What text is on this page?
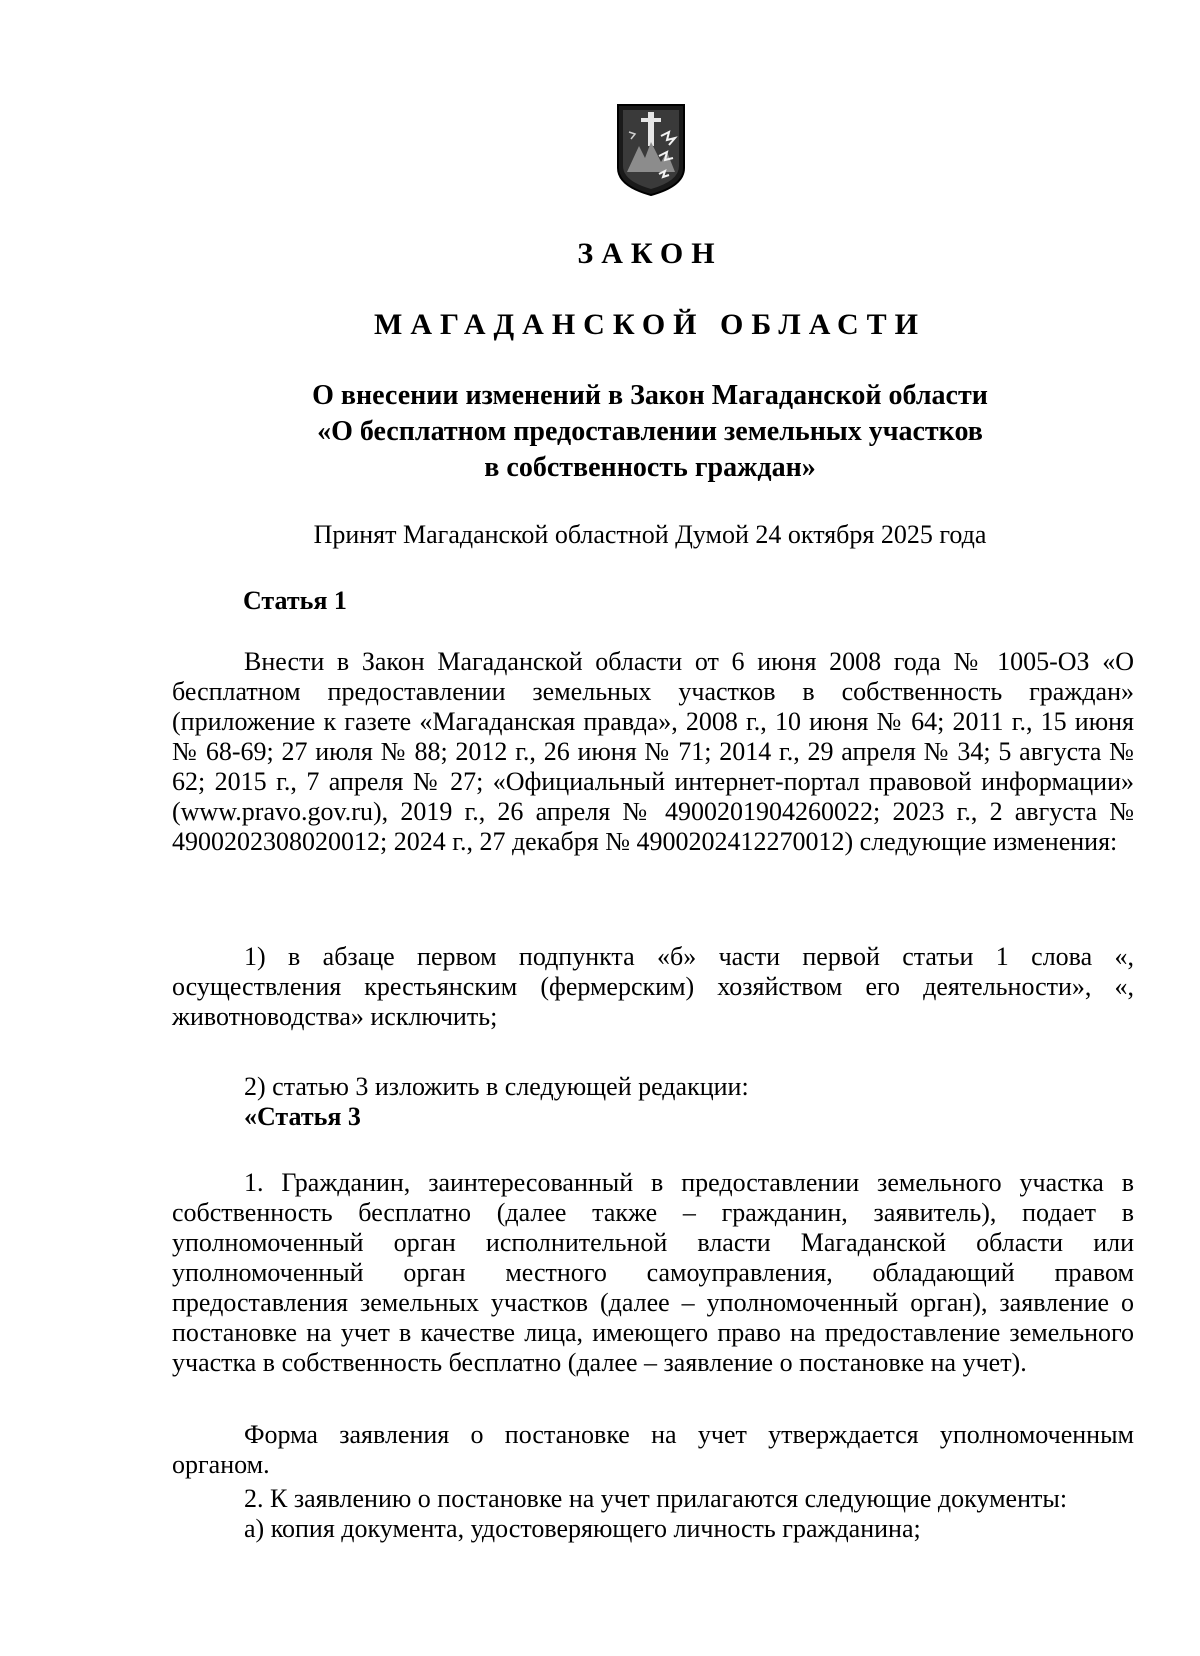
ЗАКОН
МАГАДАНСКОЙ ОБЛАСТИ
О внесении изменений в Закон Магаданской области
«О бесплатном предоставлении земельных участков
в собственность граждан»

Принят Магаданской областной Думой 24 октября 2025 года

Статья 1

Внести в Закон Магаданской области от 6 июня 2008 года № 1005-ОЗ «О бесплатном предоставлении земельных участков в собственность граждан» (приложение к газете «Магаданская правда», 2008 г., 10 июня № 64; 2011 г., 15 июня № 68-69; 27 июля № 88; 2012 г., 26 июня № 71; 2014 г., 29 апреля № 34; 5 августа № 62; 2015 г., 7 апреля № 27; «Официальный интернет-портал правовой информации» (www.pravo.gov.ru), 2019 г., 26 апреля № 4900201904260022; 2023 г., 2 августа № 4900202308020012; 2024 г., 27 декабря № 4900202412270012) следующие изменения:

1) в абзаце первом подпункта «б» части первой статьи 1 слова «, осуществления крестьянским (фермерским) хозяйством его деятельности», «, животноводства» исключить;

2) статью 3 изложить в следующей редакции:

«Статья 3

1. Гражданин, заинтересованный в предоставлении земельного участка в собственность бесплатно (далее также – гражданин, заявитель), подает в уполномоченный орган исполнительной власти Магаданской области или уполномоченный орган местного самоуправления, обладающий правом предоставления земельных участков (далее – уполномоченный орган), заявление о постановке на учет в качестве лица, имеющего право на предоставление земельного участка в собственность бесплатно (далее – заявление о постановке на учет).

Форма заявления о постановке на учет утверждается уполномоченным органом.

2. К заявлению о постановке на учет прилагаются следующие документы:

а) копия документа, удостоверяющего личность гражданина;
